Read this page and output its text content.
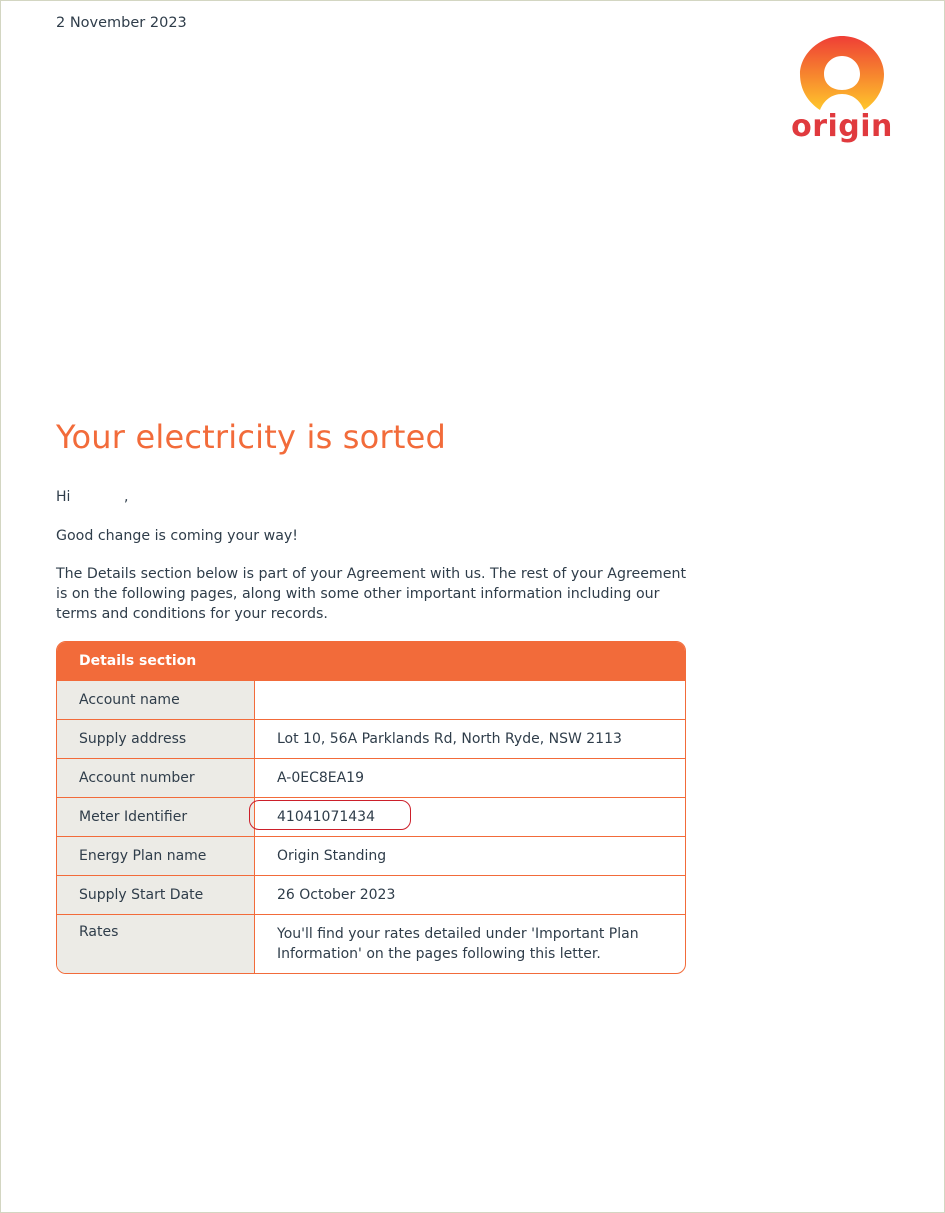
2 November 2023
origin
Your electricity is sorted
Hi	,

Good change is coming your way!

The Details section below is part of your Agreement with us. The rest of your Agreement is on the following pages, along with some other important information including our terms and conditions for your records.

Details section
Account name
Supply address	Lot 10, 56A Parklands Rd, North Ryde, NSW 2113
Account number	A-0EC8EA19
Meter Identifier	41041071434
Energy Plan name	Origin Standing
Supply Start Date	26 October 2023
Rates	You'll find your rates detailed under 'Important Plan Information' on the pages following this letter.
